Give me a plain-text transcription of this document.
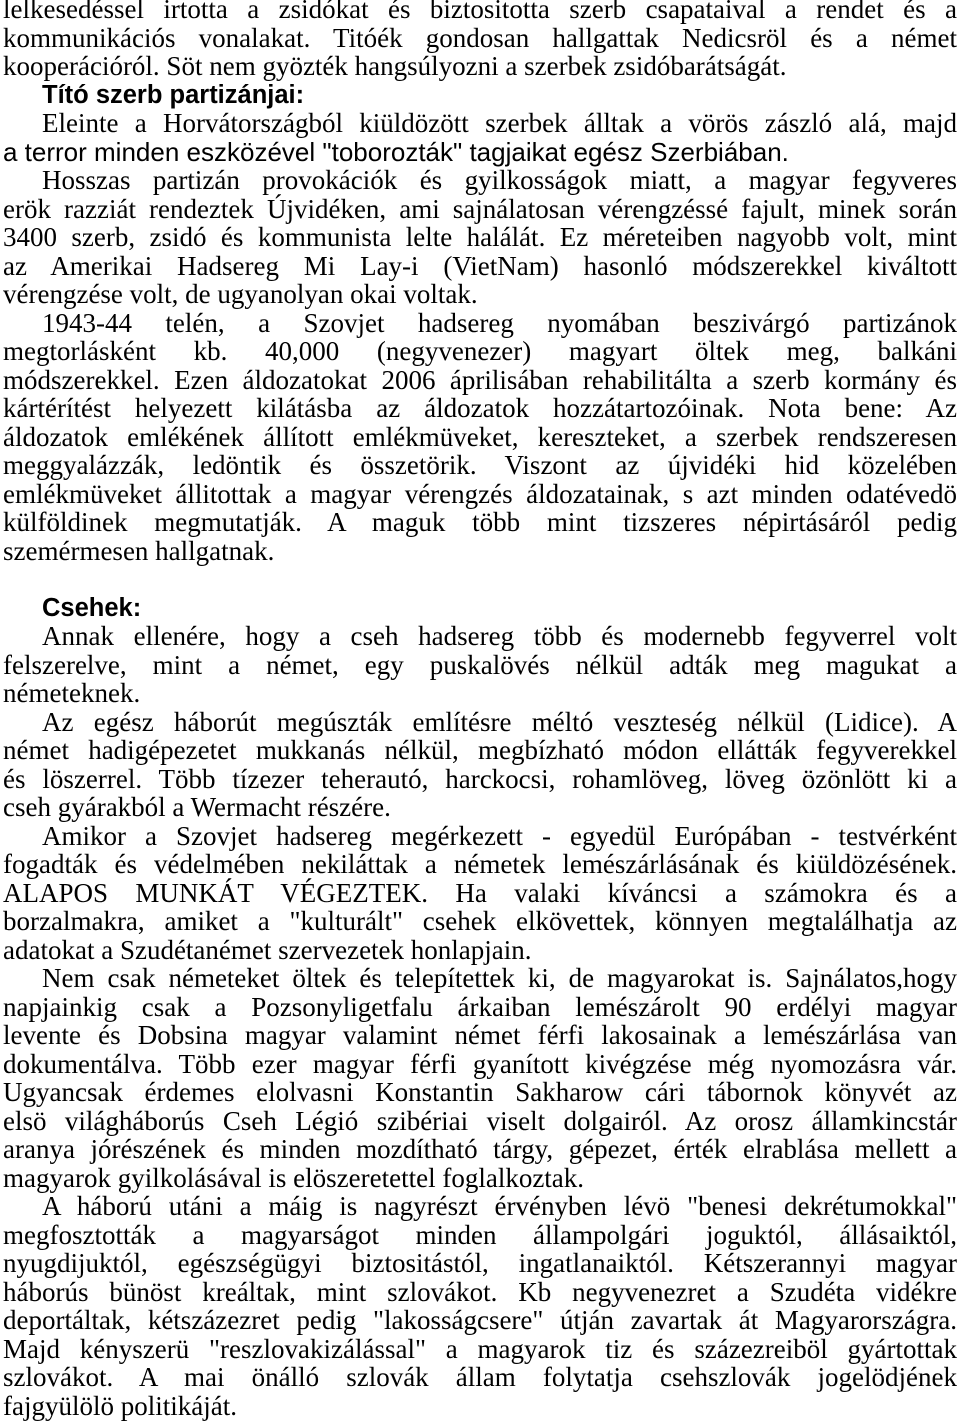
lelkesedéssel irtotta a zsidókat és biztositotta szerb csapataival a rendet és a
kommunikációs vonalakat. Titóék gondosan hallgattak Nedicsröl és a német
kooperációról. Söt nem gyözték hangsúlyozni a szerbek zsidóbarátságát.
Tító szerb partizánjai:
Eleinte a Horvátországból kiüldözött szerbek álltak a vörös zászló alá, majd
a terror minden eszközével "toborozták" tagjaikat egész Szerbiában.
Hosszas partizán provokációk és gyilkosságok miatt, a magyar fegyveres
erök razziát rendeztek Újvidéken, ami sajnálatosan vérengzéssé fajult, minek során
3400 szerb, zsidó és kommunista lelte halálát. Ez méreteiben nagyobb volt, mint
az Amerikai Hadsereg Mi Lay-i (VietNam) hasonló módszerekkel kiváltott
vérengzése volt, de ugyanolyan okai voltak.
1943-44 telén, a Szovjet hadsereg nyomában beszivárgó partizánok
megtorlásként kb. 40,000 (negyvenezer) magyart öltek meg, balkáni
módszerekkel. Ezen áldozatokat 2006 áprilisában rehabilitálta a szerb kormány és
kártérítést helyezett kilátásba az áldozatok hozzátartozóinak. Nota bene: Az
áldozatok emlékének állított emlékmüveket, kereszteket, a szerbek rendszeresen
meggyalázzák, ledöntik és összetörik. Viszont az újvidéki hid közelében
emlékmüveket állitottak a magyar vérengzés áldozatainak, s azt minden odatévedö
külföldinek megmutatják. A maguk több mint tizszeres népirtásáról pedig
szemérmesen hallgatnak.
Csehek:
Annak ellenére, hogy a cseh hadsereg több és modernebb fegyverrel volt
felszerelve, mint a német, egy puskalövés nélkül adták meg magukat a
németeknek.
Az egész háborút megúszták említésre méltó veszteség nélkül (Lidice). A
német hadigépezetet mukkanás nélkül, megbízható módon ellátták fegyverekkel
és löszerrel. Több tízezer teherautó, harckocsi, rohamlöveg, löveg özönlött ki a
cseh gyárakból a Wermacht részére.
Amikor a Szovjet hadsereg megérkezett - egyedül Európában - testvérként
fogadták és védelmében nekiláttak a németek lemészárlásának és kiüldözésének.
ALAPOS MUNKÁT VÉGEZTEK. Ha valaki kíváncsi a számokra és a
borzalmakra, amiket a "kulturált" csehek elkövettek, könnyen megtalálhatja az
adatokat a Szudétanémet szervezetek honlapjain.
Nem csak németeket öltek és telepítettek ki, de magyarokat is. Sajnálatos,hogy
napjainkig csak a Pozsonyligetfalu árkaiban lemészárolt 90 erdélyi magyar
levente és Dobsina magyar valamint német férfi lakosainak a lemészárlása van
dokumentálva. Több ezer magyar férfi gyanított kivégzése még nyomozásra vár.
Ugyancsak érdemes elolvasni Konstantin Sakharow cári tábornok könyvét az
elsö világháborús Cseh Légió szibériai viselt dolgairól. Az orosz államkincstár
aranya jórészének és minden mozdítható tárgy, gépezet, érték elrablása mellett a
magyarok gyilkolásával is elöszeretettel foglalkoztak.
A háború utáni a máig is nagyrészt érvényben lévö "benesi dekrétumokkal"
megfosztották a magyarságot minden állampolgári joguktól, állásaiktól,
nyugdijuktól, egészségügyi biztositástól, ingatlanaiktól. Kétszerannyi magyar
háborús bünöst kreáltak, mint szlovákot. Kb negyvenezret a Szudéta vidékre
deportáltak, kétszázezret pedig "lakosságcsere" útján zavartak át Magyarországra.
Majd kényszerü "reszlovakizálással" a magyarok tiz és százezreiböl gyártottak
szlovákot. A mai önálló szlovák állam folytatja csehszlovák jogelödjének
fajgyülölö politikáját.
